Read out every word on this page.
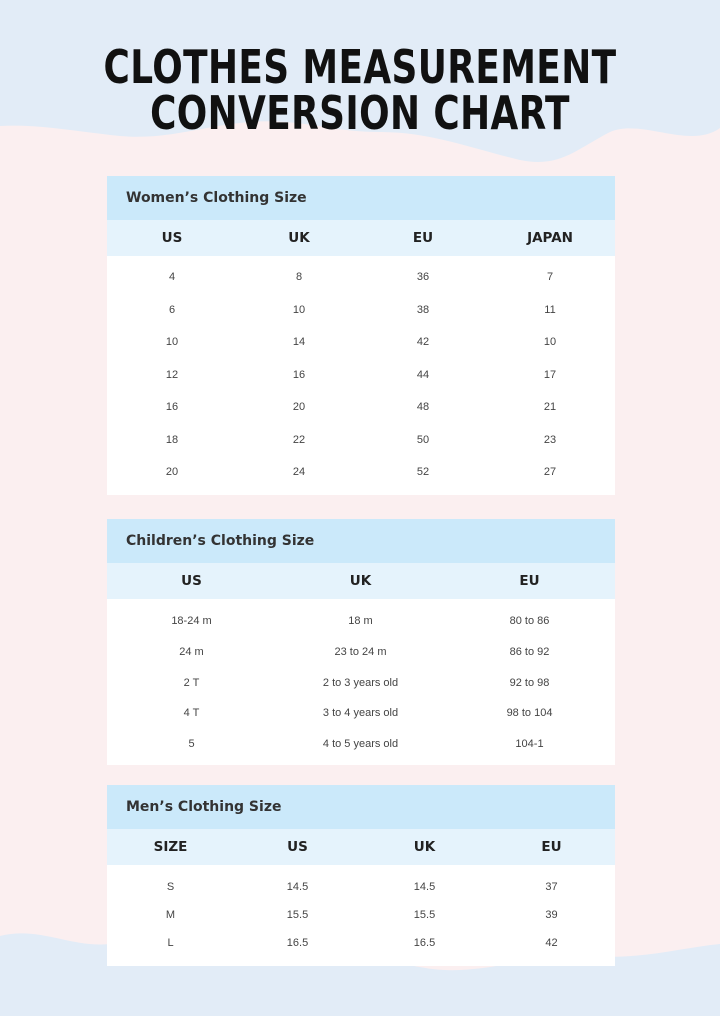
CLOTHES MEASUREMENT
CONVERSION CHART
Women’s Clothing Size
US	UK	EU	JAPAN
4	8	36	7
6	10	38	11
10	14	42	10
12	16	44	17
16	20	48	21
18	22	50	23
20	24	52	27
Children’s Clothing Size
US	UK	EU
18-24 m	18 m	80 to 86
24 m	23 to 24 m	86 to 92
2 T	2 to 3 years old	92 to 98
4 T	3 to 4 years old	98 to 104
5	4 to 5 years old	104-1
Men’s Clothing Size
SIZE	US	UK	EU
S	14.5	14.5	37
M	15.5	15.5	39
L	16.5	16.5	42
